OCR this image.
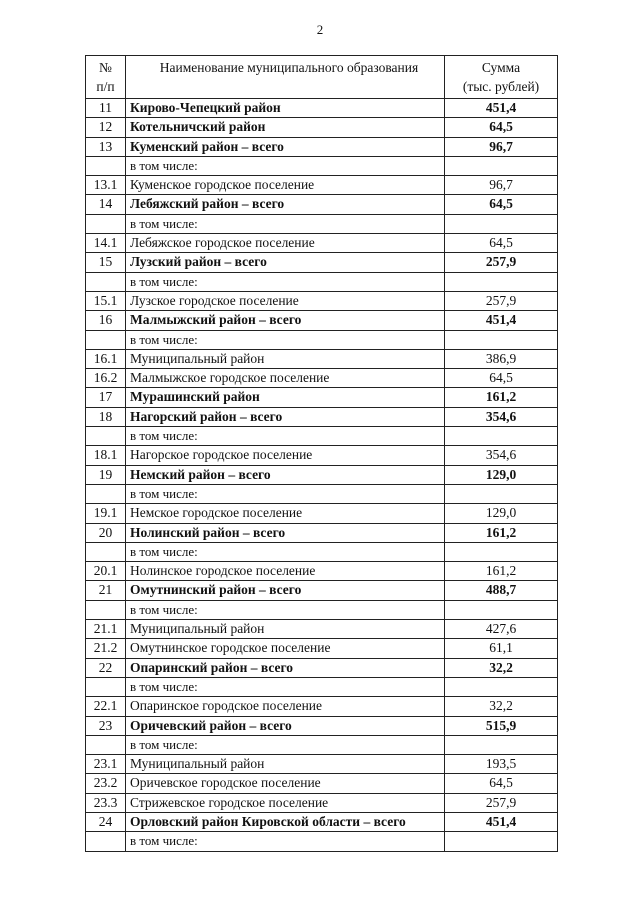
2
№
п/п	Наименование муниципального образования	Сумма
(тыс. рублей)
11	Кирово-Чепецкий район	451,4
12	Котельничский район	64,5
13	Куменский район – всего	96,7
	в том числе:	
13.1	Куменское городское поселение	96,7
14	Лебяжский район – всего	64,5
	в том числе:	
14.1	Лебяжское городское поселение	64,5
15	Лузский район – всего	257,9
	в том числе:	
15.1	Лузское городское поселение	257,9
16	Малмыжский район – всего	451,4
	в том числе:	
16.1	Муниципальный район	386,9
16.2	Малмыжское городское поселение	64,5
17	Мурашинский район	161,2
18	Нагорский район – всего	354,6
	в том числе:	
18.1	Нагорское городское поселение	354,6
19	Немский район – всего	129,0
	в том числе:	
19.1	Немское городское поселение	129,0
20	Нолинский район – всего	161,2
	в том числе:	
20.1	Нолинское городское поселение	161,2
21	Омутнинский район – всего	488,7
	в том числе:	
21.1	Муниципальный район	427,6
21.2	Омутнинское городское поселение	61,1
22	Опаринский район – всего	32,2
	в том числе:	
22.1	Опаринское городское поселение	32,2
23	Оричевский район – всего	515,9
	в том числе:	
23.1	Муниципальный район	193,5
23.2	Оричевское городское поселение	64,5
23.3	Стрижевское городское поселение	257,9
24	Орловский район Кировской области – всего	451,4
	в том числе:	
